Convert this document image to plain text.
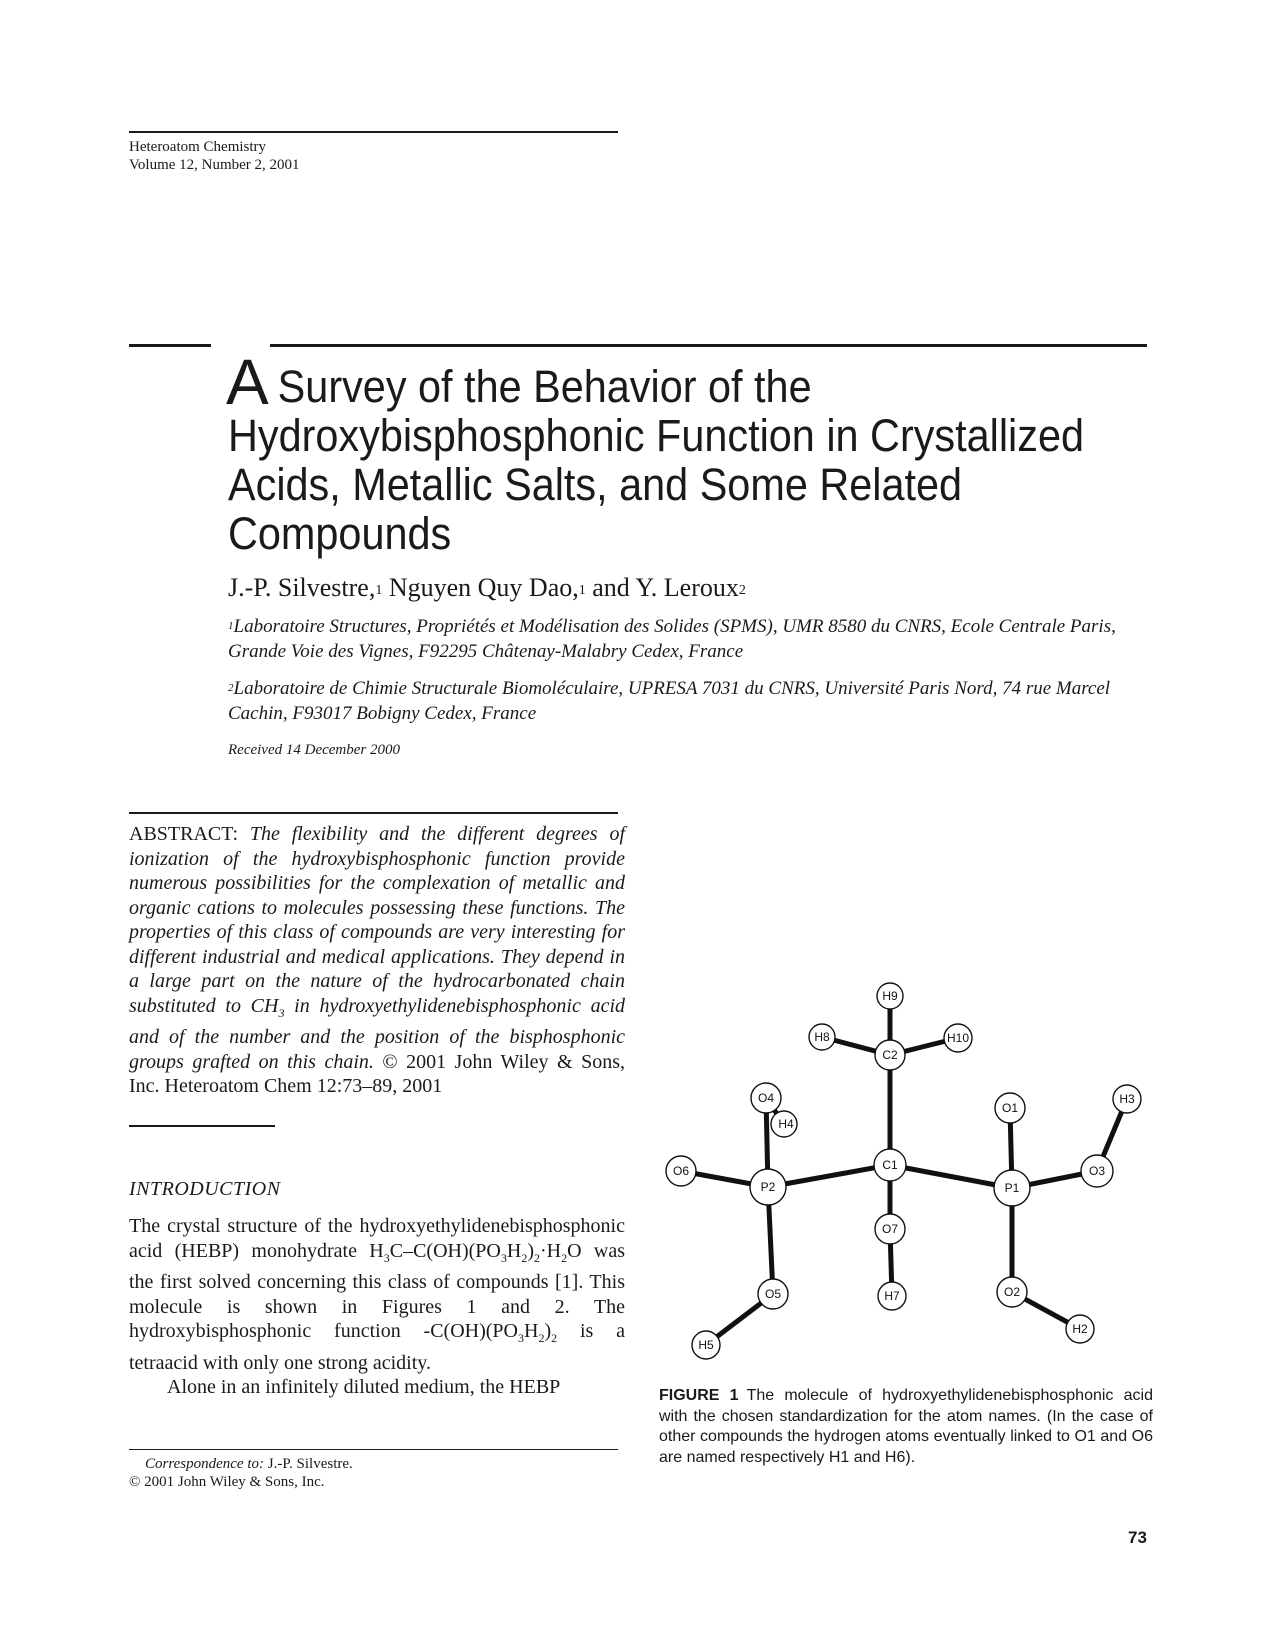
Heteroatom Chemistry
Volume 12, Number 2, 2001
A Survey of the Behavior of the
Hydroxybisphosphonic Function in Crystallized
Acids, Metallic Salts, and Some Related
Compounds
J.-P. Silvestre,$^1$ Nguyen Quy Dao,$^1$ and Y. Leroux$^2$
$^1$Laboratoire Structures, Propriétés et Modélisation des Solides (SPMS), UMR 8580 du CNRS, Ecole Centrale Paris, Grande Voie des Vignes, F92295 Châtenay-Malabry Cedex, France
$^2$Laboratoire de Chimie Structurale Biomoléculaire, UPRESA 7031 du CNRS, Université Paris Nord, 74 rue Marcel Cachin, F93017 Bobigny Cedex, France
Received 14 December 2000
ABSTRACT: The flexibility and the different degrees of ionization of the hydroxybisphosphonic function provide numerous possibilities for the complexation of metallic and organic cations to molecules possessing these functions. The properties of this class of compounds are very interesting for different industrial and medical applications. They depend in a large part on the nature of the hydrocarbonated chain substituted to $CH_3$ in hydroxyethylidenebisphosphonic acid and of the number and the position of the bisphosphonic groups grafted on this chain. © 2001 John Wiley & Sons, Inc. Heteroatom Chem 12:73–89, 2001
INTRODUCTION

The crystal structure of the hydroxyethylidenebisphosphonic acid (HEBP) monohydrate $H_3C-C(OH)(PO_3H_2)_2\cdot H_2O$ was the first solved concerning this class of compounds [1]. This molecule is shown in Figures 1 and 2. The hydroxybisphosphonic function $-C(OH)(PO_3H_2)_2$ is a tetraacid with only one strong acidity.

Alone in an infinitely diluted medium, the HEBP

Correspondence to: J.-P. Silvestre.
© 2001 John Wiley & Sons, Inc.
H9
H8
C2
H10
H3
O4
H4
O1
O6
P2
C1
P1
O3
O7
O5	H7	O2
H5
H2
FIGURE 1 The molecule of hydroxyethylidenebisphosphonic acid with the chosen standardization for the atom names. (In the case of other compounds the hydrogen atoms eventually linked to O1 and O6 are named respectively H1 and H6).
73
